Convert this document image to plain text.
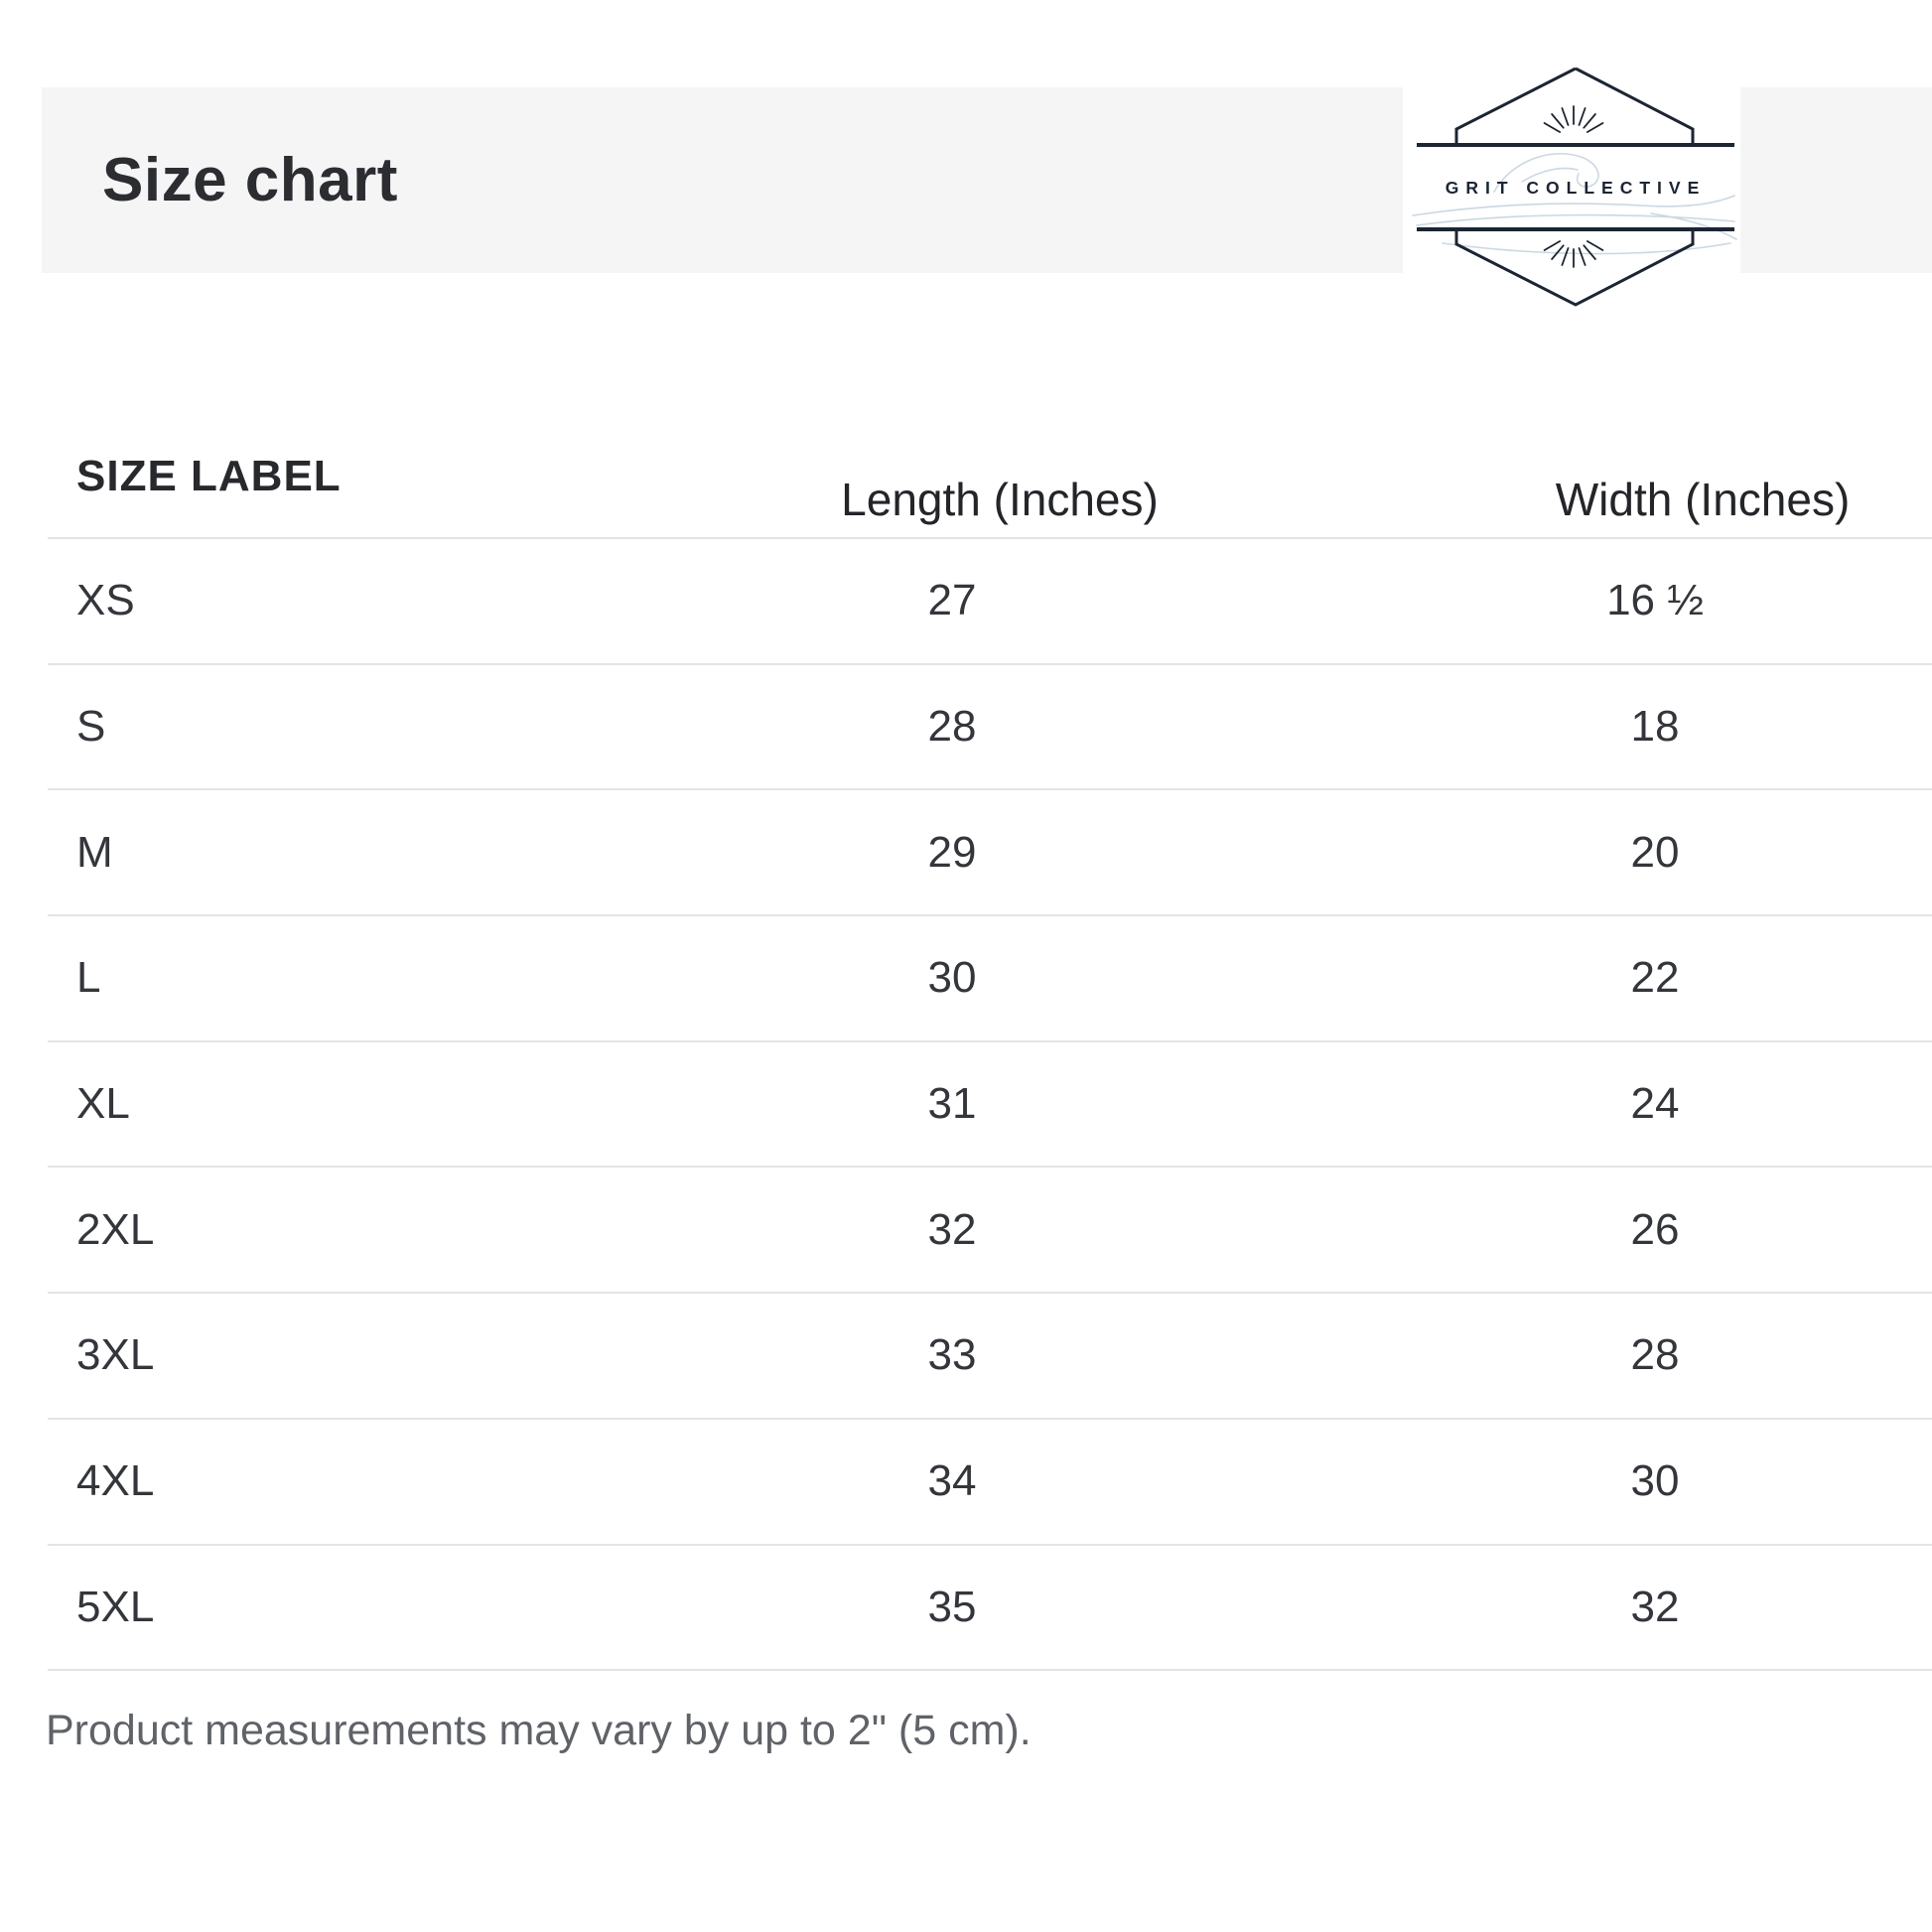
Size chart	GRIT COLLECTIVE
SIZE LABEL	Length (Inches)	Width (Inches)
XS	27	16 ½
S	28	18
M	29	20
L	30	22
XL	31	24
2XL	32	26
3XL	33	28
4XL	34	30
5XL	35	32
Product measurements may vary by up to 2" (5 cm).
